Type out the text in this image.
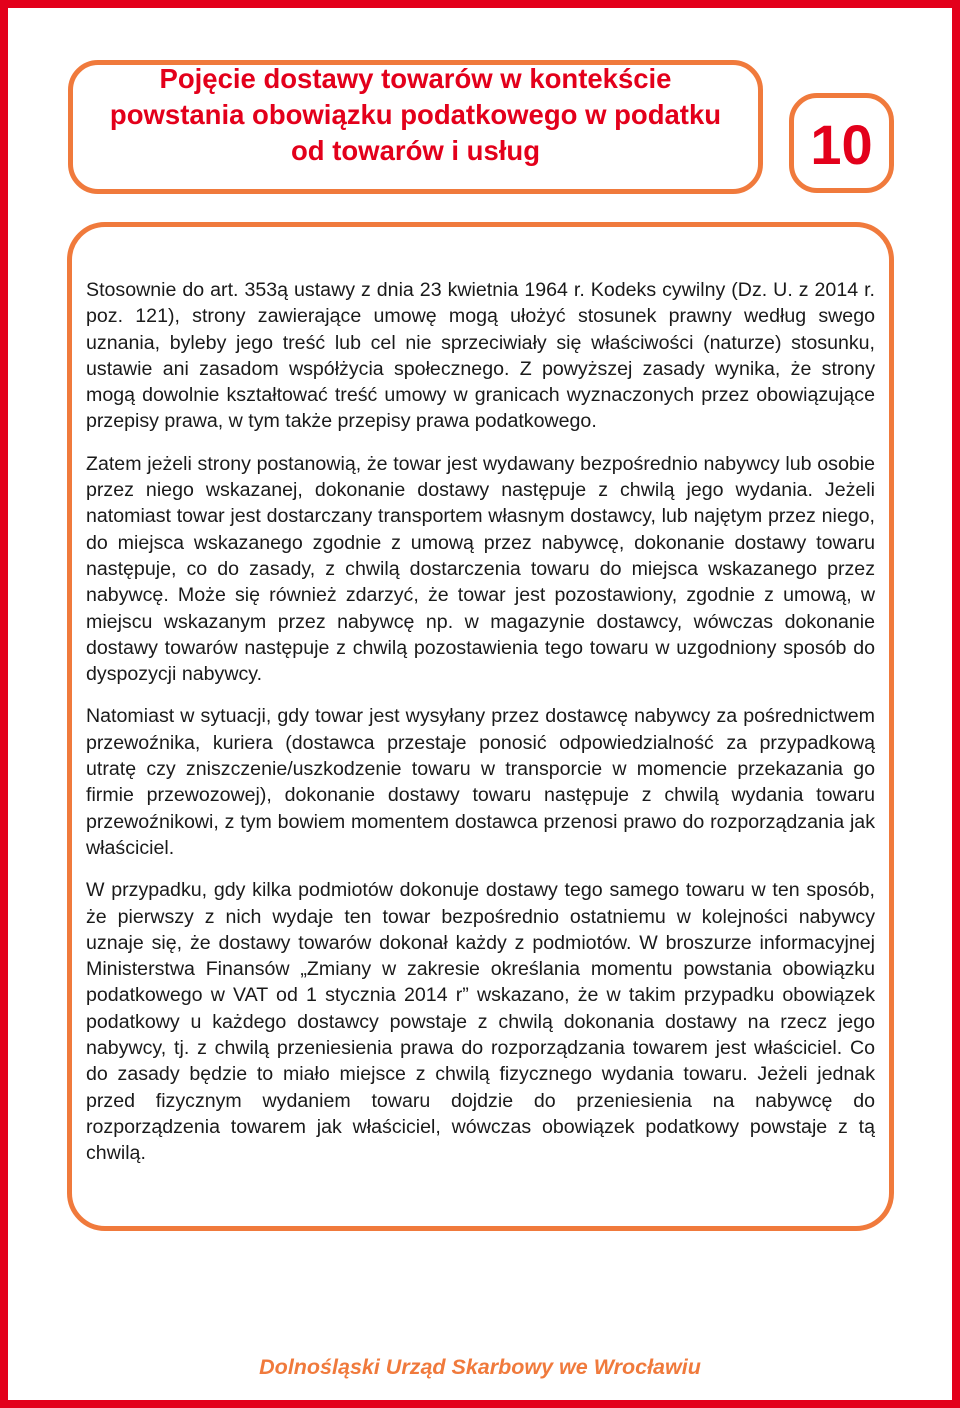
Pojęcie dostawy towarów w kontekście
powstania obowiązku podatkowego w podatku
od towarów i usług	10

Stosownie do art. 353ą ustawy z dnia 23 kwietnia 1964 r. Kodeks cywilny (Dz. U. z 2014 r. poz. 121), strony zawierające umowę mogą ułożyć stosunek prawny według swego uznania, byleby jego treść lub cel nie sprzeciwiały się właściwości (naturze) stosunku, ustawie ani zasadom współżycia społecznego. Z powyższej zasady wynika, że strony mogą dowolnie kształtować treść umowy w granicach wyznaczonych przez obowiązujące przepisy prawa, w tym także przepisy prawa podatkowego.

Zatem jeżeli strony postanowią, że towar jest wydawany bezpośrednio nabywcy lub osobie przez niego wskazanej, dokonanie dostawy następuje z chwilą jego wydania. Jeżeli natomiast towar jest dostarczany transportem własnym dostawcy, lub najętym przez niego, do miejsca wskazanego zgodnie z umową przez nabywcę, dokonanie dostawy towaru następuje, co do zasady, z chwilą dostarczenia towaru do miejsca wskazanego przez nabywcę. Może się również zdarzyć, że towar jest pozostawiony, zgodnie z umową, w miejscu wskazanym przez nabywcę np. w magazynie dostawcy, wówczas dokonanie dostawy towarów następuje z chwilą pozostawienia tego towaru w uzgodniony sposób do dyspozycji nabywcy.

Natomiast w sytuacji, gdy towar jest wysyłany przez dostawcę nabywcy za pośrednictwem przewoźnika, kuriera (dostawca przestaje ponosić odpowiedzialność za przypadkową utratę czy zniszczenie/uszkodzenie towaru w transporcie w momencie przekazania go firmie przewozowej), dokonanie dostawy towaru następuje z chwilą wydania towaru przewoźnikowi, z tym bowiem momentem dostawca przenosi prawo do rozporządzania jak właściciel.

W przypadku, gdy kilka podmiotów dokonuje dostawy tego samego towaru w ten sposób, że pierwszy z nich wydaje ten towar bezpośrednio ostatniemu w kolejności nabywcy uznaje się, że dostawy towarów dokonał każdy z podmiotów. W broszurze informacyjnej Ministerstwa Finansów „Zmiany w zakresie określania momentu powstania obowiązku podatkowego w VAT od 1 stycznia 2014 r” wskazano, że w takim przypadku obowiązek podatkowy u każdego dostawcy powstaje z chwilą dokonania dostawy na rzecz jego nabywcy, tj. z chwilą przeniesienia prawa do rozporządzania towarem jest właściciel. Co do zasady będzie to miało miejsce z chwilą fizycznego wydania towaru. Jeżeli jednak przed fizycznym wydaniem towaru dojdzie do przeniesienia na nabywcę do rozporządzenia towarem jak właściciel, wówczas obowiązek podatkowy powstaje z tą chwilą.

Dolnośląski Urząd Skarbowy we Wrocławiu
